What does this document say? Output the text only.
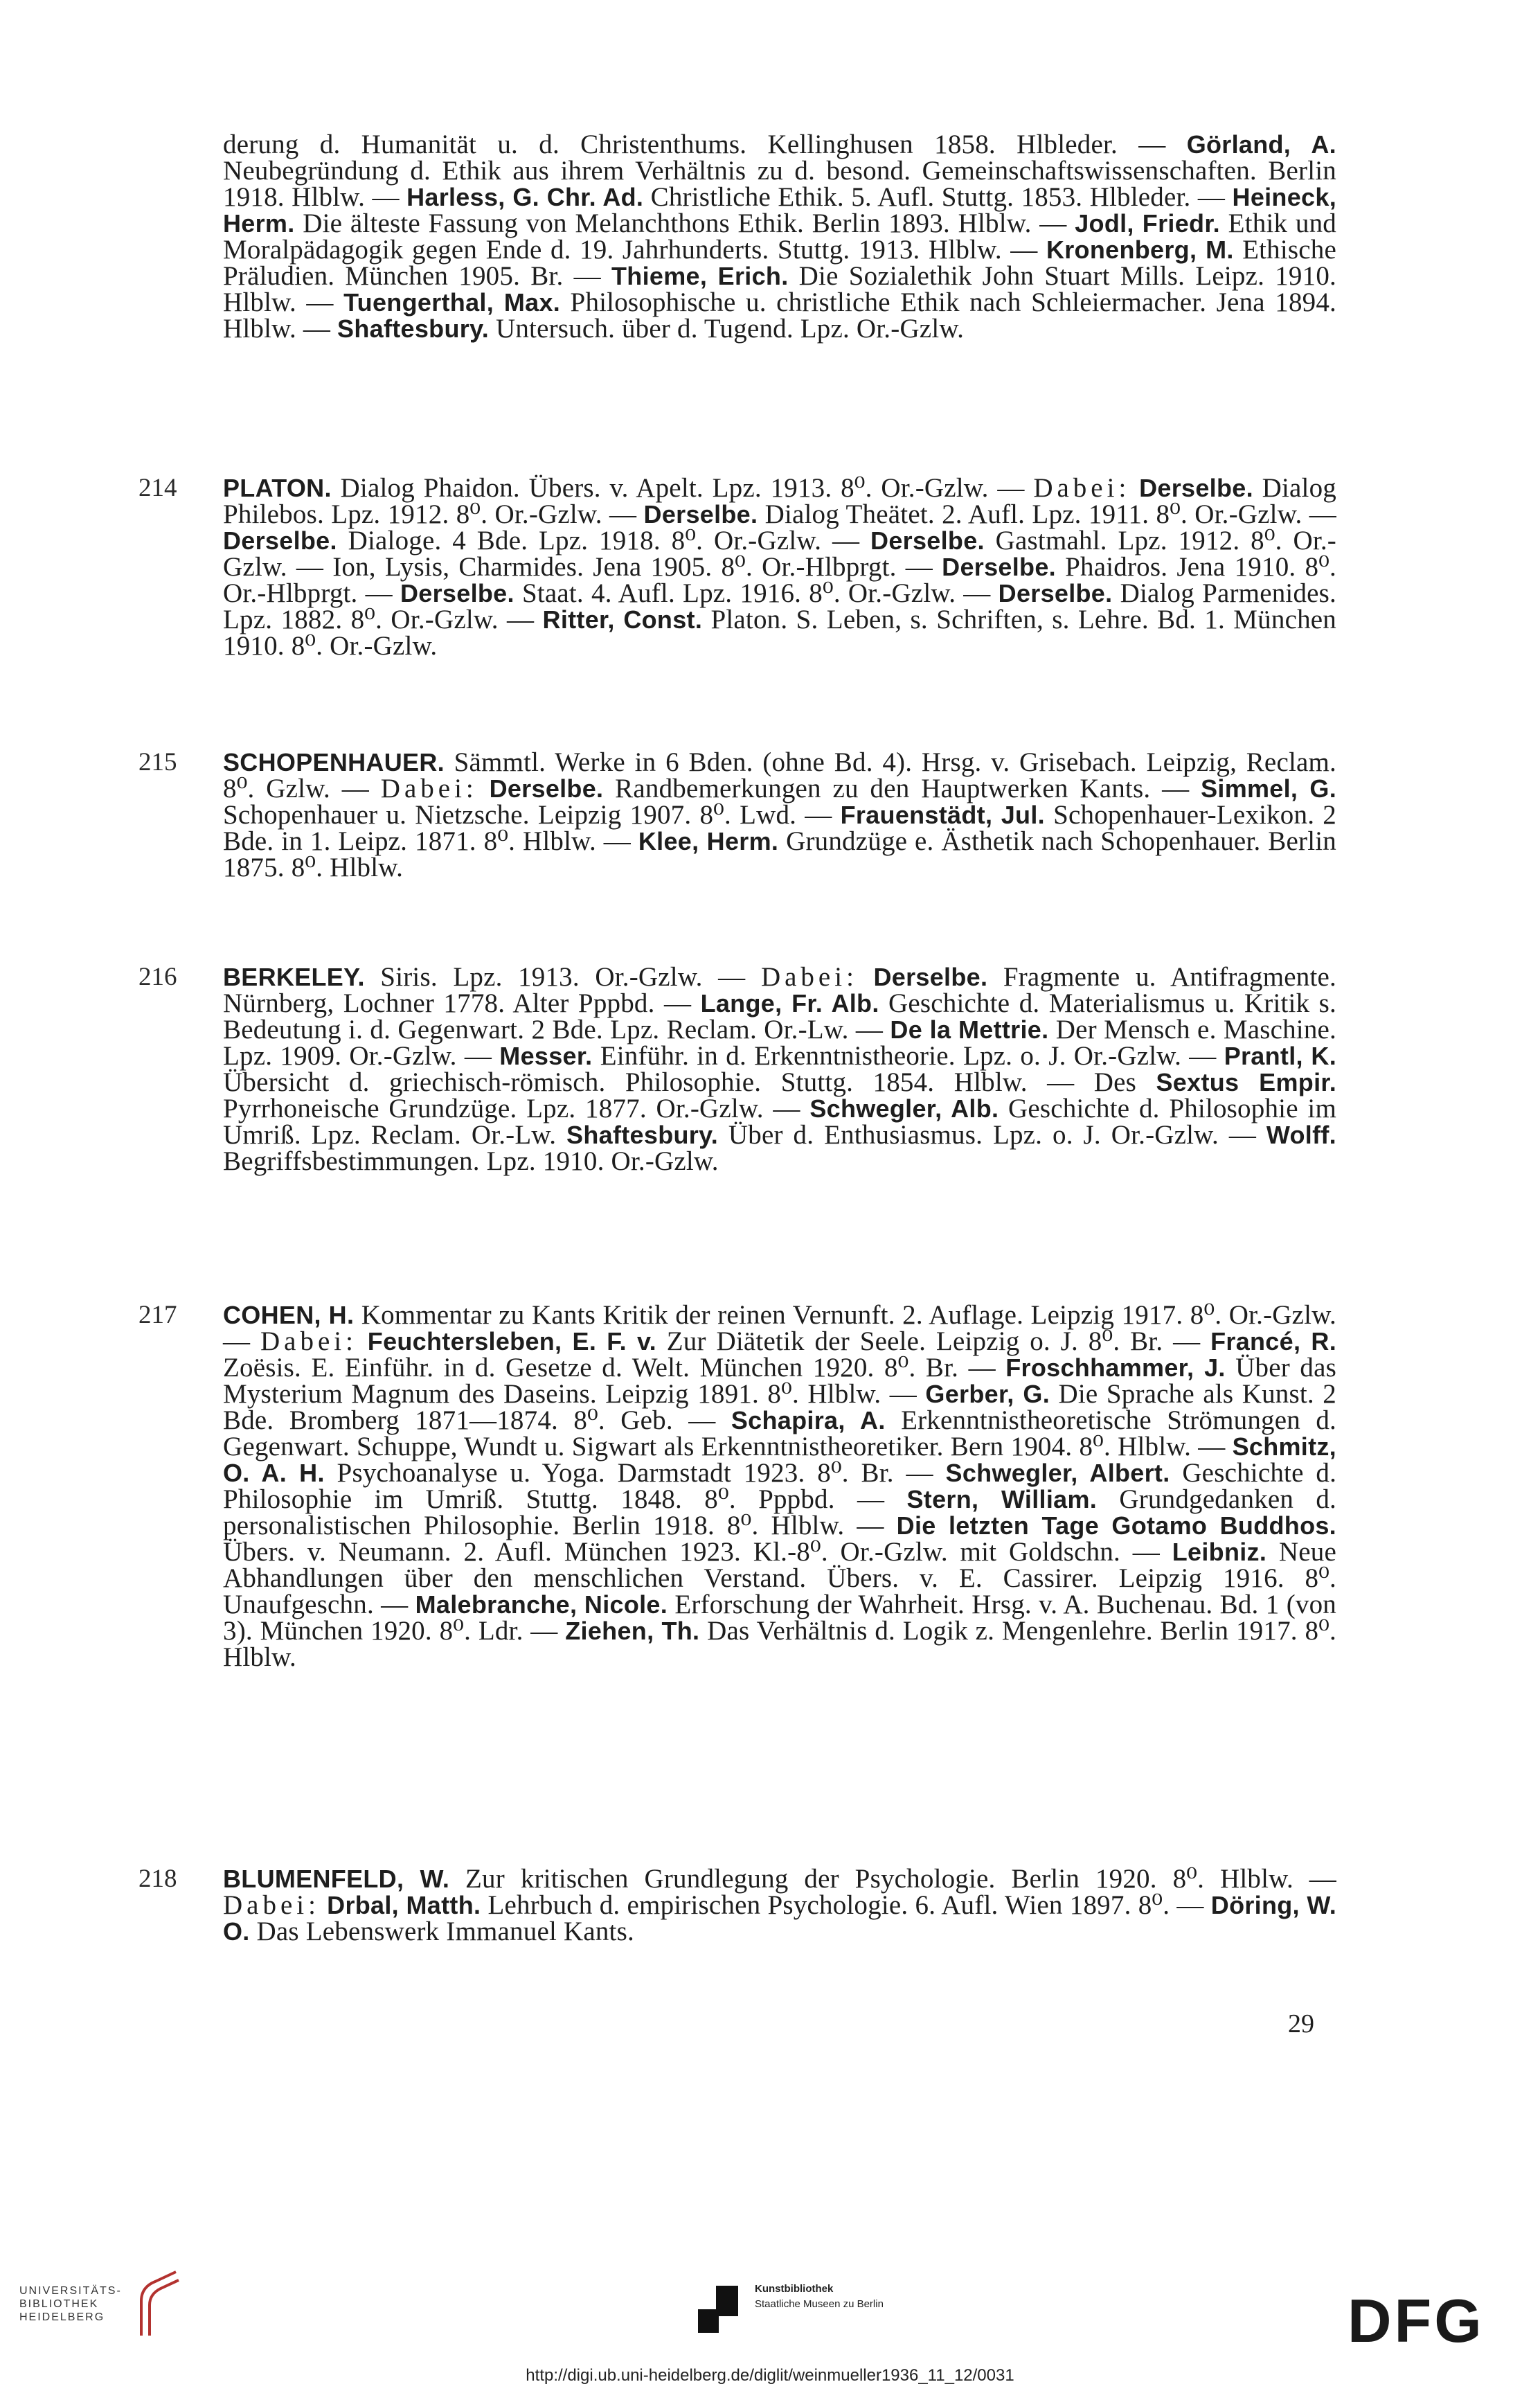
derung d. Humanität u. d. Christenthums. Kellinghusen 1858. Hlbleder. — Görland, A. Neubegründung d. Ethik aus ihrem Verhältnis zu d. besond. Gemeinschaftswissenschaften. Berlin 1918. Hlblw. — Harless, G. Chr. Ad. Christliche Ethik. 5. Aufl. Stuttg. 1853. Hlbleder. — Heineck, Herm. Die älteste Fassung von Melanchthons Ethik. Berlin 1893. Hlblw. — Jodl, Friedr. Ethik und Moralpädagogik gegen Ende d. 19. Jahrhunderts. Stuttg. 1913. Hlblw. — Kronenberg, M. Ethische Präludien. München 1905. Br. — Thieme, Erich. Die Sozialethik John Stuart Mills. Leipz. 1910. Hlblw. — Tuengerthal, Max. Philosophische u. christliche Ethik nach Schleiermacher. Jena 1894. Hlblw. — Shaftesbury. Untersuch. über d. Tugend. Lpz. Or.-Gzlw.
214	PLATON. Dialog Phaidon. Übers. v. Apelt. Lpz. 1913. 8⁰. Or.-Gzlw. — Dabei: Derselbe. Dialog Philebos. Lpz. 1912. 8⁰. Or.-Gzlw. — Derselbe. Dialog Theätet. 2. Aufl. Lpz. 1911. 8⁰. Or.-Gzlw. — Derselbe. Dialoge. 4 Bde. Lpz. 1918. 8⁰. Or.-Gzlw. — Derselbe. Gastmahl. Lpz. 1912. 8⁰. Or.-Gzlw. — Ion, Lysis, Charmides. Jena 1905. 8⁰. Or.-Hlbprgt. — Derselbe. Phaidros. Jena 1910. 8⁰. Or.-Hlbprgt. — Derselbe. Staat. 4. Aufl. Lpz. 1916. 8⁰. Or.-Gzlw. — Derselbe. Dialog Parmenides. Lpz. 1882. 8⁰. Or.-Gzlw. — Ritter, Const. Platon. S. Leben, s. Schriften, s. Lehre. Bd. 1. München 1910. 8⁰. Or.-Gzlw.
215	SCHOPENHAUER. Sämmtl. Werke in 6 Bden. (ohne Bd. 4). Hrsg. v. Grisebach. Leipzig, Reclam. 8⁰. Gzlw. — Dabei: Derselbe. Randbemerkungen zu den Hauptwerken Kants. — Simmel, G. Schopenhauer u. Nietzsche. Leipzig 1907. 8⁰. Lwd. — Frauenstädt, Jul. Schopenhauer-Lexikon. 2 Bde. in 1. Leipz. 1871. 8⁰. Hlblw. — Klee, Herm. Grundzüge e. Ästhetik nach Schopenhauer. Berlin 1875. 8⁰. Hlblw.
216	BERKELEY. Siris. Lpz. 1913. Or.-Gzlw. — Dabei: Derselbe. Fragmente u. Antifragmente. Nürnberg, Lochner 1778. Alter Pppbd. — Lange, Fr. Alb. Geschichte d. Materialismus u. Kritik s. Bedeutung i. d. Gegenwart. 2 Bde. Lpz. Reclam. Or.-Lw. — De la Mettrie. Der Mensch e. Maschine. Lpz. 1909. Or.-Gzlw. — Messer. Einführ. in d. Erkenntnistheorie. Lpz. o. J. Or.-Gzlw. — Prantl, K. Übersicht d. griechisch-römisch. Philosophie. Stuttg. 1854. Hlblw. — Des Sextus Empir. Pyrrhoneische Grundzüge. Lpz. 1877. Or.-Gzlw. — Schwegler, Alb. Geschichte d. Philosophie im Umriß. Lpz. Reclam. Or.-Lw. Shaftesbury. Über d. Enthusiasmus. Lpz. o. J. Or.-Gzlw. — Wolff. Begriffsbestimmungen. Lpz. 1910. Or.-Gzlw.
217	COHEN, H. Kommentar zu Kants Kritik der reinen Vernunft. 2. Auflage. Leipzig 1917. 8⁰. Or.-Gzlw. — Dabei: Feuchtersleben, E. F. v. Zur Diätetik der Seele. Leipzig o. J. 8⁰. Br. — Francé, R. Zoësis. E. Einführ. in d. Gesetze d. Welt. München 1920. 8⁰. Br. — Froschhammer, J. Über das Mysterium Magnum des Daseins. Leipzig 1891. 8⁰. Hlblw. — Gerber, G. Die Sprache als Kunst. 2 Bde. Bromberg 1871—1874. 8⁰. Geb. — Schapira, A. Erkenntnistheoretische Strömungen d. Gegenwart. Schuppe, Wundt u. Sigwart als Erkenntnistheoretiker. Bern 1904. 8⁰. Hlblw. — Schmitz, O. A. H. Psychoanalyse u. Yoga. Darmstadt 1923. 8⁰. Br. — Schwegler, Albert. Geschichte d. Philosophie im Umriß. Stuttg. 1848. 8⁰. Pppbd. — Stern, William. Grundgedanken d. personalistischen Philosophie. Berlin 1918. 8⁰. Hlblw. — Die letzten Tage Gotamo Buddhos. Übers. v. Neumann. 2. Aufl. München 1923. Kl.-8⁰. Or.-Gzlw. mit Goldschn. — Leibniz. Neue Abhandlungen über den menschlichen Verstand. Übers. v. E. Cassirer. Leipzig 1916. 8⁰. Unaufgeschn. — Malebranche, Nicole. Erforschung der Wahrheit. Hrsg. v. A. Buchenau. Bd. 1 (von 3). München 1920. 8⁰. Ldr. — Ziehen, Th. Das Verhältnis d. Logik z. Mengenlehre. Berlin 1917. 8⁰. Hlblw.
218	BLUMENFELD, W. Zur kritischen Grundlegung der Psychologie. Berlin 1920. 8⁰. Hlblw. — Dabei: Drbal, Matth. Lehrbuch d. empirischen Psychologie. 6. Aufl. Wien 1897. 8⁰. — Döring, W. O. Das Lebenswerk Immanuel Kants.
29
UNIVERSITÄTS-
BIBLIOTHEK
HEIDELBERG
Kunstbibliothek
Staatliche Museen zu Berlin	DFG
http://digi.ub.uni-heidelberg.de/diglit/weinmueller1936_11_12/0031
